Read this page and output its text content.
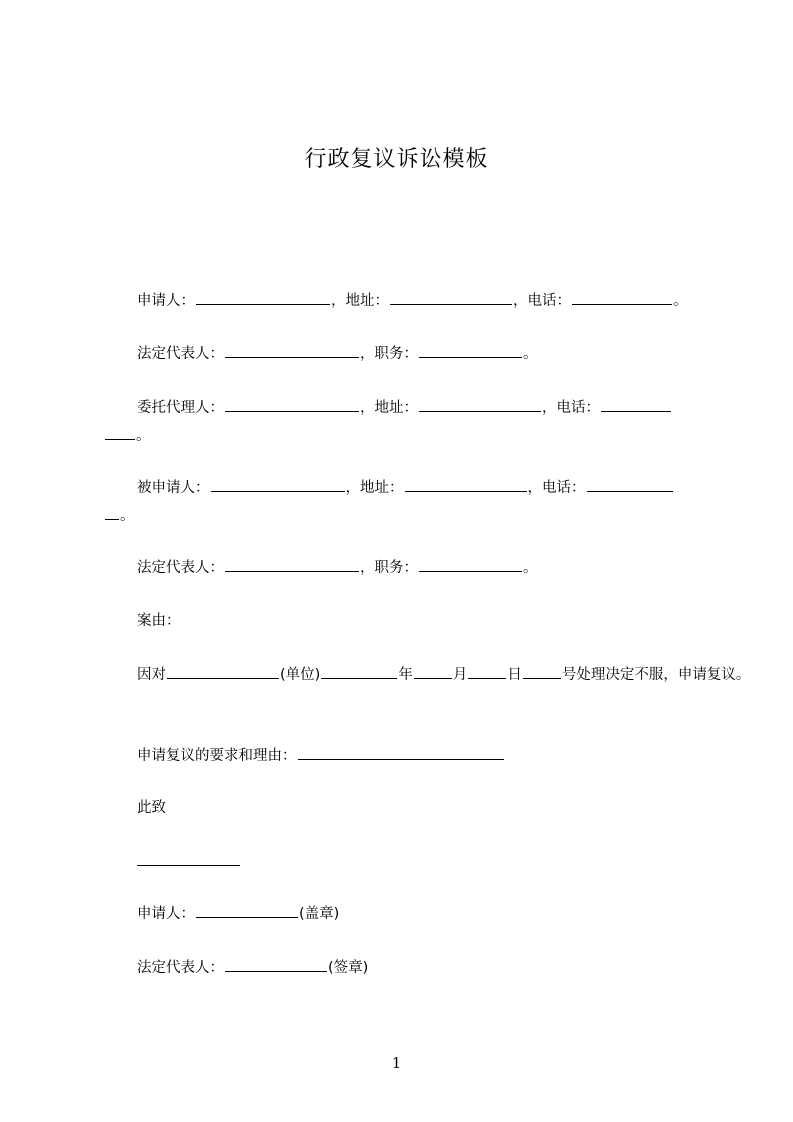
行政复议诉讼模板
申请人：	，地址：	，电话：	。
法定代表人：	，职务：	。
委托代理人：	，地址：	，电话：
。
被申请人：	，地址：	，电话：
。
法定代表人：	，职务：	。
案由：
因对	(单位)	年	月	日	号处理决定不服，申请复议。
申请复议的要求和理由：
此致
申请人：	(盖章)
法定代表人：	(签章)
1
